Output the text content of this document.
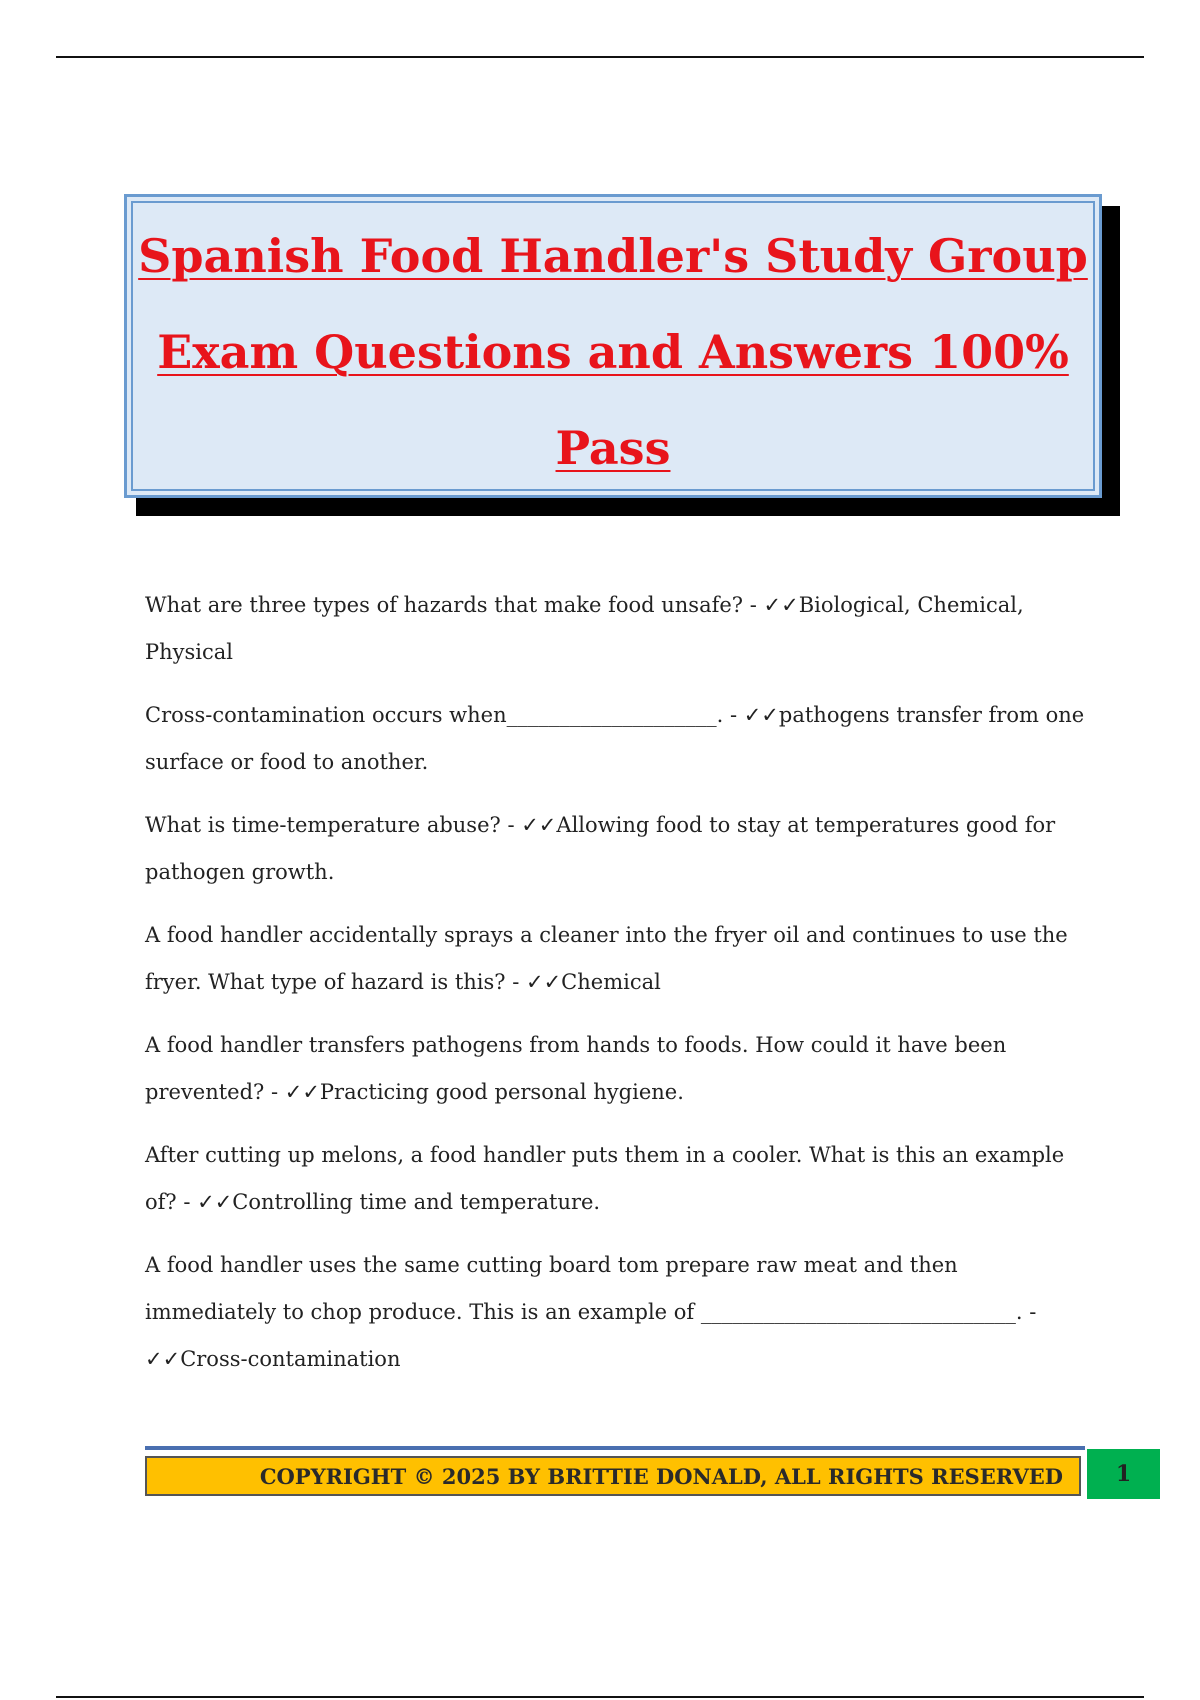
Spanish Food Handler's Study Group
Exam Questions and Answers 100%
Pass

What are three types of hazards that make food unsafe? - ✓✓Biological, Chemical, Physical

Cross-contamination occurs when____________________. - ✓✓pathogens transfer from one surface or food to another.

What is time-temperature abuse? - ✓✓Allowing food to stay at temperatures good for pathogen growth.

A food handler accidentally sprays a cleaner into the fryer oil and continues to use the fryer. What type of hazard is this? - ✓✓Chemical

A food handler transfers pathogens from hands to foods. How could it have been prevented? - ✓✓Practicing good personal hygiene.

After cutting up melons, a food handler puts them in a cooler. What is this an example of? - ✓✓Controlling time and temperature.

A food handler uses the same cutting board tom prepare raw meat and then immediately to chop produce. This is an example of ______________________________. - ✓✓Cross-contamination

COPYRIGHT © 2025 BY BRITTIE DONALD, ALL RIGHTS RESERVED	1
